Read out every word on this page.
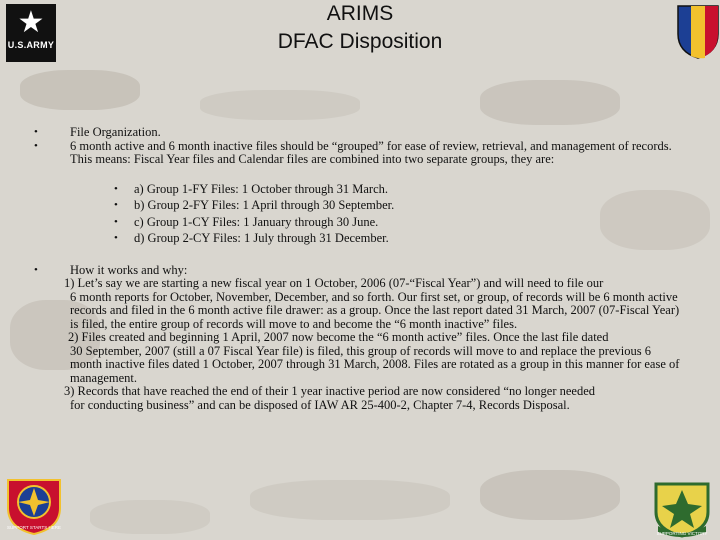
★
U.S.ARMY
ARIMS
DFAC Disposition
•	File Organization.
•	6 month active and 6 month inactive files should be “grouped” for ease of review, retrieval, and management of records. This means: Fiscal Year files and Calendar files are combined into two separate groups, they are:
• a) Group 1-FY Files: 1 October through 31 March.
• b) Group 2-FY Files: 1 April through 30 September.
• c) Group 1-CY Files: 1 January through 30 June.
• d) Group 2-CY Files: 1 July through 31 December.
•	How it works and why:
1) Let’s say we are starting a new fiscal year on 1 October, 2006 (07-“Fiscal Year”) and will need to file our
6 month reports for October, November, December, and so forth. Our first set, or group, of records will be 6 month active records and filed in the 6 month active file drawer: as a group. Once the last report dated 31 March, 2007 (07-Fiscal Year) is filed, the entire group of records will move to and become the “6 month inactive” files.
2) Files created and beginning 1 April, 2007 now become the “6 month active” files. Once the last file dated
30 September, 2007 (still a 07 Fiscal Year file) is filed, this group of records will move to and replace the previous 6 month inactive files dated 1 October, 2007 through 31 March, 2008. Files are rotated as a group in this manner for ease of management.
3) Records that have reached the end of their 1 year inactive period are now considered “no longer needed
for conducting business” and can be disposed of IAW AR 25-400-2, Chapter 7-4, Records Disposal.
SUPPORT STARTS HERE
SUPPORTING VICTORY
